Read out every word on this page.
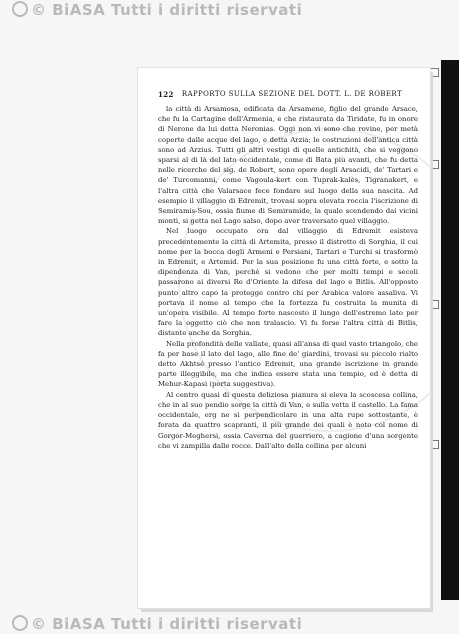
© BiASA Tutti i diritti riservati
122 RAPPORTO SULLA SEZIONE DEL DOTT. L. DE ROBERT

la città di Arsamosa, edificata da Arsamene, figlio del grande Arsace, che fu la Cartagine dell'Armenia, e che ristaurata da Tiridate, fu in onore di Nerone da lui detta Neronias. Oggi non vi sono che rovine, per metà coperte dalle acque del lago, e detta Arzia; le costruzioni dell'antica città sono ad Arzius. Tutti gli altri vestigi di quelle antichità, che si veggono sparsi al di là del lato occidentale, come di Bata più avanti, che fu detta nelle ricerche del sig. de Robert, sono opere degli Arsacidi, de' Tartari e de' Turcomanni, come Vagoula-kert con Tuprak-kalès, Tigranakert, e l'altra città che Valarsace fece fondare sul luogo della sua nascita. Ad esempio il villaggio di Edremit, trovasi sopra elevata roccia l'iscrizione di Semiramis-Sou, ossia fiume di Semiramide, la quale scendendo dai vicini monti, si getta nel Lago salso, dopo aver traversato quel villaggio.

Nel luogo occupato ora dal villaggio di Edremit esisteva precedentemente la città di Artemita, presso il distretto di Sorghia, il cui nome per la bocca degli Armeni e Persiani, Tartari e Turchi si trasformò in Edremit, e Artemid. Per la sua posizione fu una città forte, e sotto la dipendenza di Van, perchè si vedono che per molti tempi e secoli passarono ai diversi Re d'Oriente la difesa del lago e Bitlis. All'opposto punto altro capo la protegge contro chi per Arabica valore assaliva. Vi portava il nome al tempo che la fortezza fu costruita la munita di un'opera visibile. Al tempo forte nascosto il lungo dell'estremo lato per fare la oggetto ciò che non tralascio. Vi fu forse l'altra città di Bitlis, distante anche da Sorghia.

Nella profondità delle vallate, quasi all'ansa di quel vasto triangolo, che fa per base il lato del lago, alle fine de' giardini, trovasi su piccolo rialto detto Akhtsé presso l'antico Edremit, una grande iscrizione in grande parte illeggibile, ma che indica essere stata una tempio, ed è detta di Mehur-Kapasi (porta suggestiva).

Al centro quasi di questa deliziosa pianura si eleva la scoscesa collina, che in al suo pendio sorge la città di Van, e sulla vetta il castello. La fama occidentale, erg ne si perpendicolare in una alta rupe sottostante, è forata da quattro scapranti, il più grande dei quali è noto col nome di Gorgor-Meghersi, ossia Caverna del guerriero, a cagione d'una sorgente che vi zampilla dalle rocce. Dall'alto della collina per alcuni

© BiASA Tutti i diritti riservati
